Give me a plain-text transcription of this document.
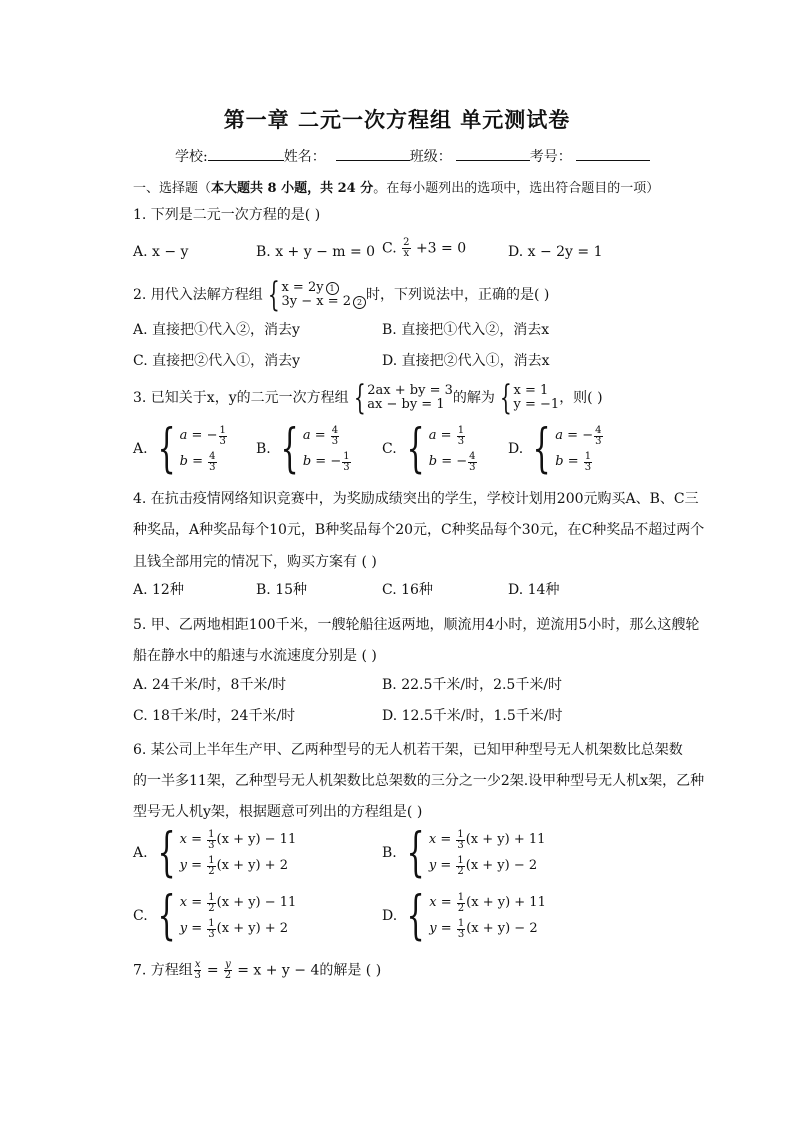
第一章 二元一次方程组 单元测试卷
学校:	姓名：	班级：	考号：
一、选择题（本大题共 8 小题，共 24 分。在每小题列出的选项中，选出符合题目的一项）
1. 下列是二元一次方程的是( )
A. x − y	B. x + y − m = 0 C. $\frac{2}{x} +3 = 0$	D. x − 2y = 1
2. 用代入法解方程组 { x = 2y 1
3y − x = 2 2 时，下列说法中，正确的是( )
A. 直接把①代入②，消去y	B. 直接把①代入②，消去x
C. 直接把②代入①，消去y	D. 直接把②代入①，消去x
3. 已知关于x，y的二元一次方程组 { 2ax + by = 3
ax − by = 1 的解为 { x = 1
y = −1 ，则( )
A. { a = − $\frac{1}{3}$
$b = \frac{4}{3}$
B. { $a = \frac{4}{3}$
b = − $\frac{1}{3}$
C. { $a = \frac{1}{3}$
b = − $\frac{4}{3}$
D. { a = − $\frac{4}{3}$
$b = \frac{1}{3}$
4. 在抗击疫情网络知识竞赛中，为奖励成绩突出的学生，学校计划用200元购买A、B、C三
种奖品，A种奖品每个10元，B种奖品每个20元，C种奖品每个30元，在C种奖品不超过两个
且钱全部用完的情况下，购买方案有 ( )
A. 12种	B. 15种	C. 16种	D. 14种
5. 甲、乙两地相距100千米，一艘轮船往返两地，顺流用4小时，逆流用5小时，那么这艘轮
船在静水中的船速与水流速度分别是 ( )
A. 24千米/时，8千米/时	B. 22.5千米/时，2.5千米/时
C. 18千米/时，24千米/时	D. 12.5千米/时，1.5千米/时
6. 某公司上半年生产甲、乙两种型号的无人机若干架，已知甲种型号无人机架数比总架数
的一半多11架，乙种型号无人机架数比总架数的三分之一少2架.设甲种型号无人机x架，乙种
型号无人机y架，根据题意可列出的方程组是( )
A. { $x = \frac{1}{3} (x + y) - 11$
$y = \frac{1}{2} (x + y) + 2$
B. { $x = \frac{1}{3} (x + y) + 11$
$y = \frac{1}{2} (x + y) - 2$
C. { $x = \frac{1}{2} (x + y) - 11$
$y = \frac{1}{3} (x + y) + 2$
D. { $x = \frac{1}{2} (x + y) + 11$
$y = \frac{1}{3} (x + y) - 2$
7. 方程组 $\frac{x}{3} = \frac{y}{2} = x + y - 4$的解是 ( )
